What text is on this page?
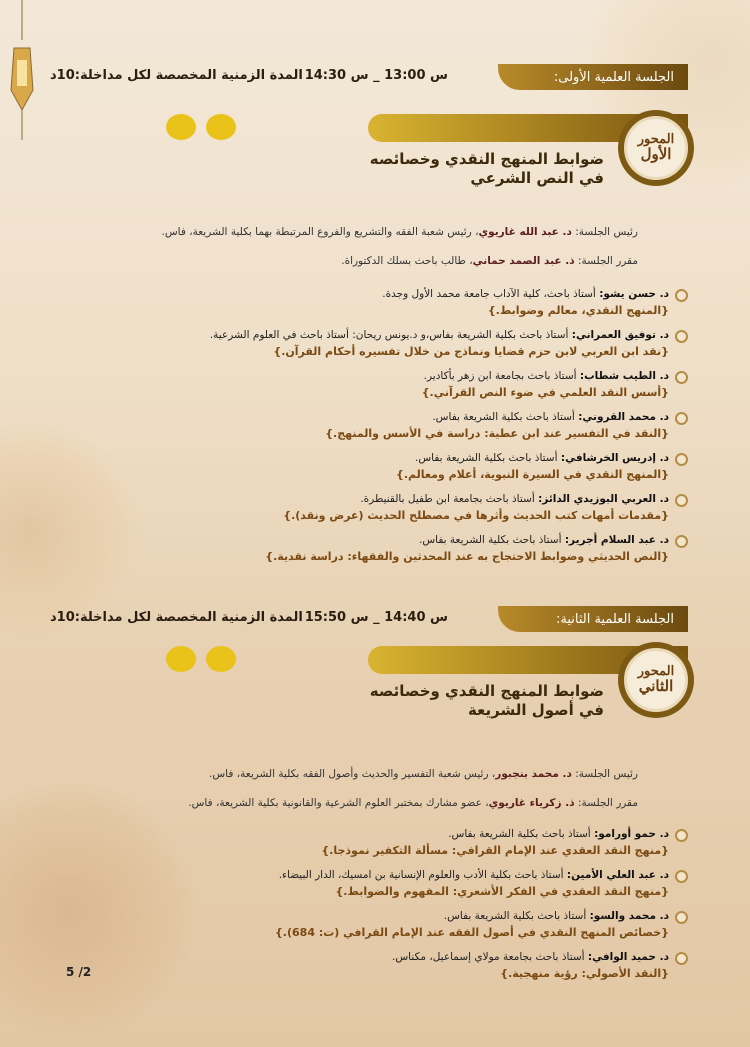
الجلسة العلمية الأولى:
س 13:00 _ س 14:30
المدة الزمنية المخصصة لكل مداخلة:10د
المحور
الأول
ضوابط المنهج النقدي وخصائصه في النص الشرعي
رئيس الجلسة: د. عبد الله غاريوي، رئيس شعبة الفقه والتشريع والفروع المرتبطة بهما بكلية الشريعة، فاس.
مقرر الجلسة: ذ. عبد الصمد حماني، طالب باحث بسلك الدكتوراة.
د. حسن يشو: أستاذ باحث، كلية الآداب جامعة محمد الأول وجدة.
{المنهج النقدي، معالم وضوابط.}
د. توفيق العمراني: أستاذ باحث بكلية الشريعة بفاس،و د.يونس ريحان: أستاذ باحث في العلوم الشرعية.
{نقد ابن العربي لابن حزم قضايا ونماذج من خلال تفسيره أحكام القرآن.}
د. الطيب شطاب: أستاذ باحث بجامعة ابن زهر بأكادير.
{أسس النقد العلمي في ضوء النص القرآني.}
د. محمد القروني: أستاذ باحث بكلية الشريعة بفاس.
{النقد في التفسير عند ابن عطية: دراسة في الأسس والمنهج.}
د. إدريس الخرشافي: أستاذ باحث بكلية الشريعة بفاس.
{المنهج النقدي في السيرة النبوية، أعلام ومعالم.}
د. العربي البوزيدي الدائز: أستاذ باحث بجامعة ابن طفيل بالقنيطرة.
{مقدمات أمهات كتب الحديث وأثرها في مصطلح الحديث (عرض ونقد).}
د. عبد السلام أجرير: أستاذ باحث بكلية الشريعة بفاس.
{النص الحديثي وضوابط الاحتجاج به عند المحدثين والفقهاء: دراسة نقدية.}
الجلسة العلمية الثانية:
س 14:40 _ س 15:50
المدة الزمنية المخصصة لكل مداخلة:10د
المحور
الثاني
ضوابط المنهج النقدي وخصائصه في أصول الشريعة
رئيس الجلسة: د. محمد بنجبور، رئيس شعبة التفسير والحديث وأصول الفقه بكلية الشريعة، فاس.
مقرر الجلسة: ذ. زكرياء غاريوي، عضو مشارك بمختبر العلوم الشرعية والقانونية بكلية الشريعة، فاس.
د. حمو أورامو: أستاذ باحث بكلية الشريعة بفاس.
{منهج النقد العقدي عند الإمام القرافي: مسألة التكفير نموذجا.}
د. عبد العلي الأمين: أستاذ باحث بكلية الأدب والعلوم الإنسانية بن امسيك، الدار البيضاء.
{منهج النقد العقدي في الفكر الأشعري: المفهوم والضوابط.}
د. محمد والسو: أستاذ باحث بكلية الشريعة بفاس.
{خصائص المنهج النقدي في أصول الفقه عند الإمام القرافي (ت: 684).}
د. حميد الوافي: أستاذ باحث بجامعة مولاي إسماعيل، مكناس.
{النقد الأصولي: رؤية منهجية.}
2/ 5
